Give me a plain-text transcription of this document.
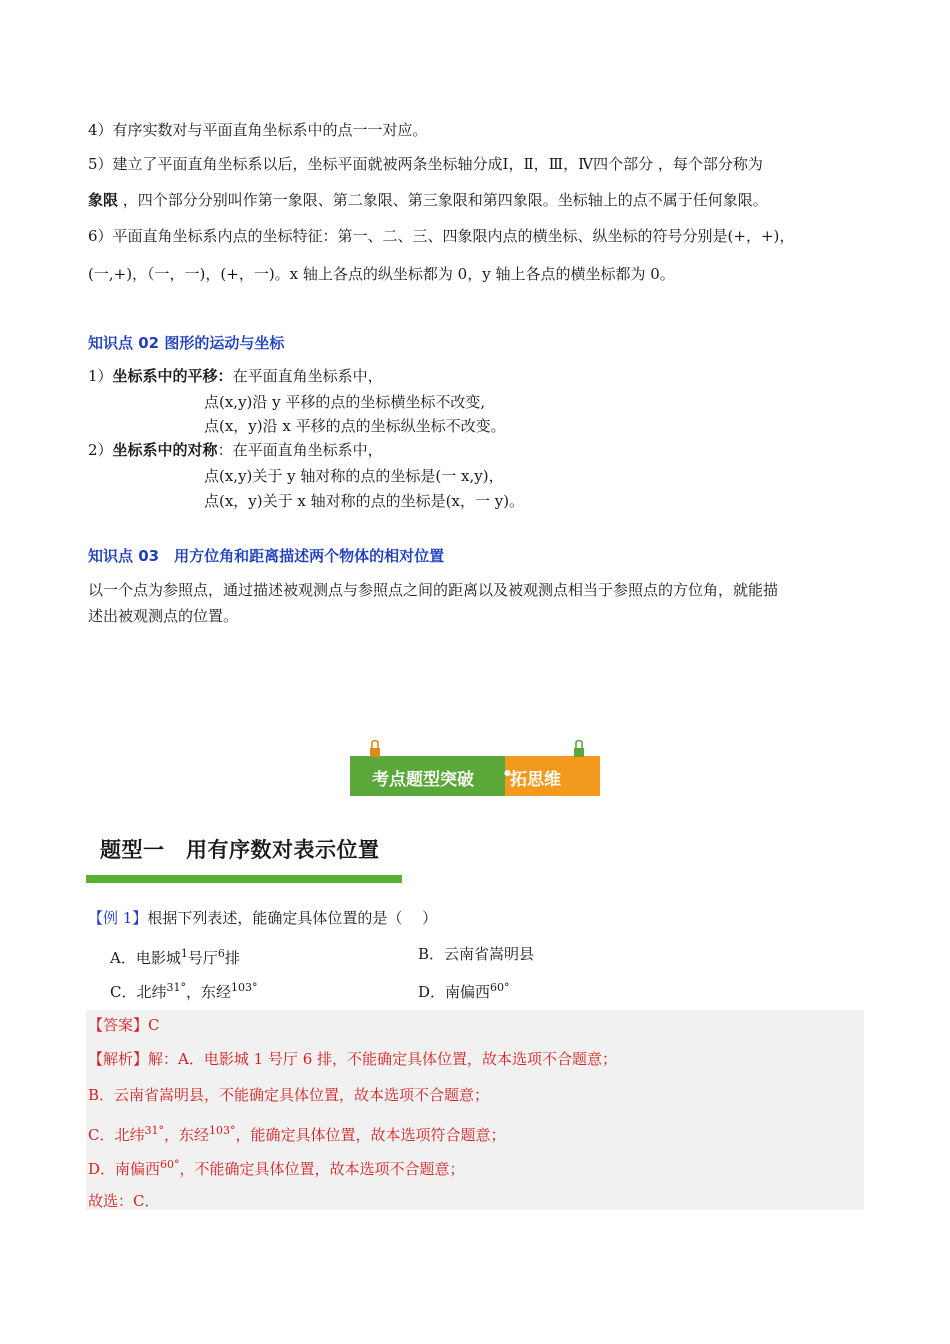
4）有序实数对与平面直角坐标系中的点一一对应。
5）建立了平面直角坐标系以后，坐标平面就被两条坐标轴分成Ⅰ，Ⅱ，Ⅲ，Ⅳ四个部分 ，每个部分称为
象限 ，四个部分分别叫作第一象限、第二象限、第三象限和第四象限。坐标轴上的点不属于任何象限。
6）平面直角坐标系内点的坐标特征：第一、二、三、四象限内点的横坐标、纵坐标的符号分别是(+，+)，
(一,+)，（一，一)，(+，一)。x 轴上各点的纵坐标都为 0，y 轴上各点的横坐标都为 0。
知识点 02 图形的运动与坐标
1）坐标系中的平移：在平面直角坐标系中，
点(x,y)沿 y 平移的点的坐标横坐标不改变,
点(x，y)沿 x 平移的点的坐标纵坐标不改变。
2）坐标系中的对称：在平面直角坐标系中，
点(x,y)关于 y 轴对称的点的坐标是(一 x,y)，
点(x，y)关于 x 轴对称的点的坐标是(x，一 y)。
知识点 03　用方位角和距离描述两个物体的相对位置
以一个点为参照点，通过描述被观测点与参照点之间的距离以及被观测点相当于参照点的方位角，就能描
述出被观测点的位置。
考点题型突破 •
拓思维
题型一　用有序数对表示位置
【例 1】根据下列表述，能确定具体位置的是（　 ）
A．电影城$^1$号厅$^6$排	B．云南省嵩明县
C．北纬$^{31^\circ}$，东经$^{103^\circ}$	D．南偏西$^{60^\circ}$
【答案】C
【解析】解：A．电影城 1 号厅 6 排，不能确定具体位置，故本选项不合题意；
B．云南省嵩明县，不能确定具体位置，故本选项不合题意；
C．北纬$^{31^\circ}$，东经$^{103^\circ}$，能确定具体位置，故本选项符合题意；
D．南偏西$^{60^\circ}$，不能确定具体位置，故本选项不合题意；
故选：C．
